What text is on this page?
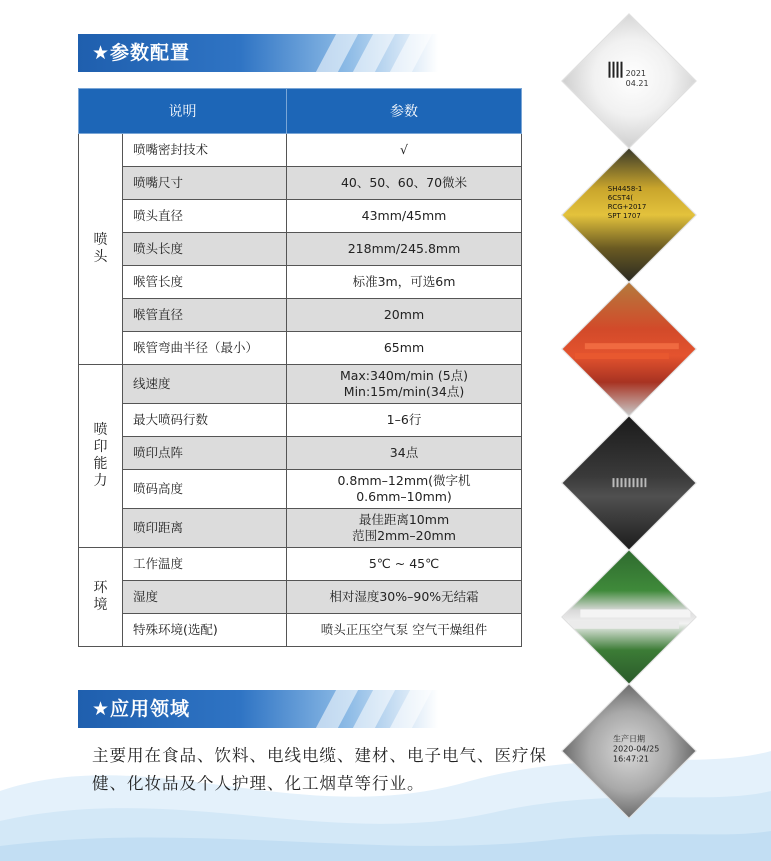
★参数配置
说明		参数
喷
头	喷嘴密封技术	√
	喷嘴尺寸	40、50、60、70微米
	喷头直径	43mm/45mm
	喷头长度	218mm/245.8mm
	喉管长度	标准3m，可选6m
	喉管直径	20mm
	喉管弯曲半径（最小）	65mm
喷
印
能
力	线速度	Max:340m/min (5点)
Min:15m/min(34点)
	最大喷码行数	1–6行
	喷印点阵	34点
	喷码高度	0.8mm–12mm(微字机
0.6mm–10mm)
	喷印距离	最佳距离10mm
范围2mm–20mm
环
境	工作温度	5℃ ~ 45℃
	湿度	相对湿度30%–90%无结霜
	特殊环境(选配)	喷头正压空气泵 空气干燥组件
★应用领域
主要用在食品、饮料、电线电缆、建材、电子电气、医疗保健、化妆品及个人护理、化工烟草等行业。
2021
04.21
SH4458-1
6CST4(
RCG+2017
SPT 1707
生产日期
2020-04/25
16:47:21
